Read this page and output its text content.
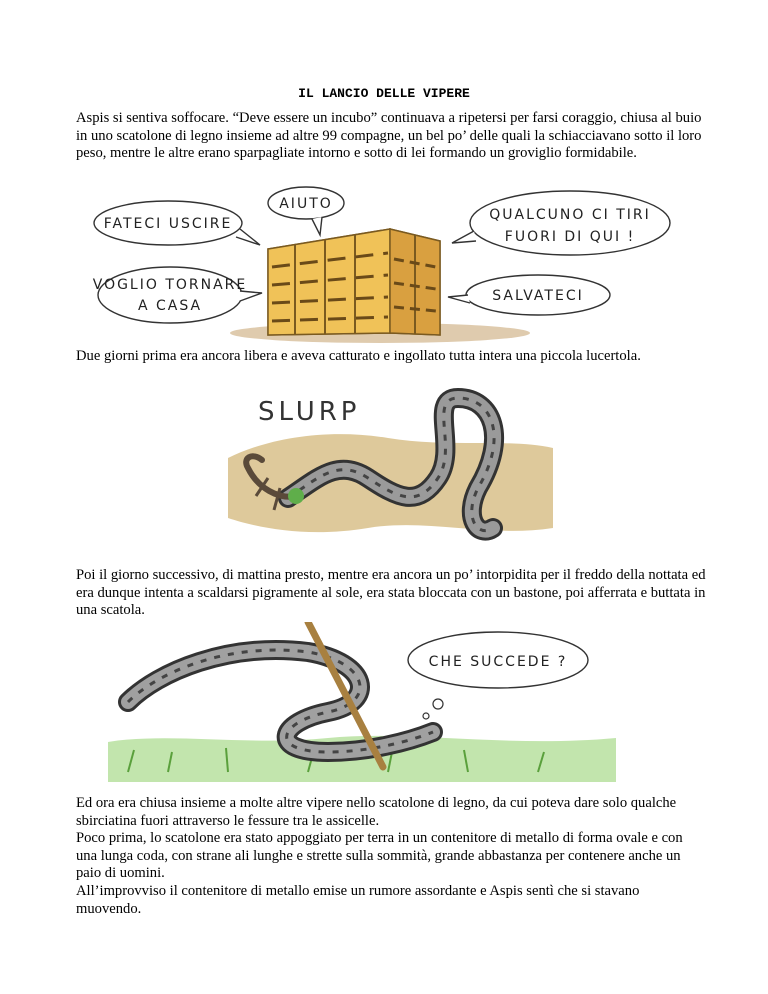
IL LANCIO DELLE VIPERE

Aspis si sentiva soffocare. “Deve essere un incubo” continuava a ripetersi per farsi coraggio, chiusa al buio in uno scatolone di legno insieme ad altre 99 compagne, un bel po’ delle quali la schiacciavano sotto il loro peso, mentre le altre erano sparpagliate intorno e sotto di lei formando un groviglio formidabile.

FATECI USCIRE
AIUTO
QUALCUNO CI TIRI
FUORI DI QUI !
VOGLIO TORNARE
A CASA
SALVATECI

Due giorni prima era ancora libera e aveva catturato e ingollato tutta intera una piccola lucertola.

SLURP

Poi il giorno successivo, di mattina presto, mentre era ancora un po’ intorpidita per il freddo della nottata ed era dunque intenta a scaldarsi pigramente al sole, era stata bloccata con un bastone, poi afferrata e buttata in una scatola.

CHE SUCCEDE ?

Ed ora era chiusa insieme a molte altre vipere nello scatolone di legno, da cui poteva dare solo qualche sbirciatina fuori attraverso le fessure tra le assicelle.

Poco prima, lo scatolone era stato appoggiato per terra in un contenitore di metallo di forma ovale e con una lunga coda, con strane ali lunghe e strette sulla sommità, grande abbastanza per contenere anche un paio di uomini.

All’improvviso il contenitore di metallo emise un rumore assordante e Aspis sentì che si stavano muovendo.
